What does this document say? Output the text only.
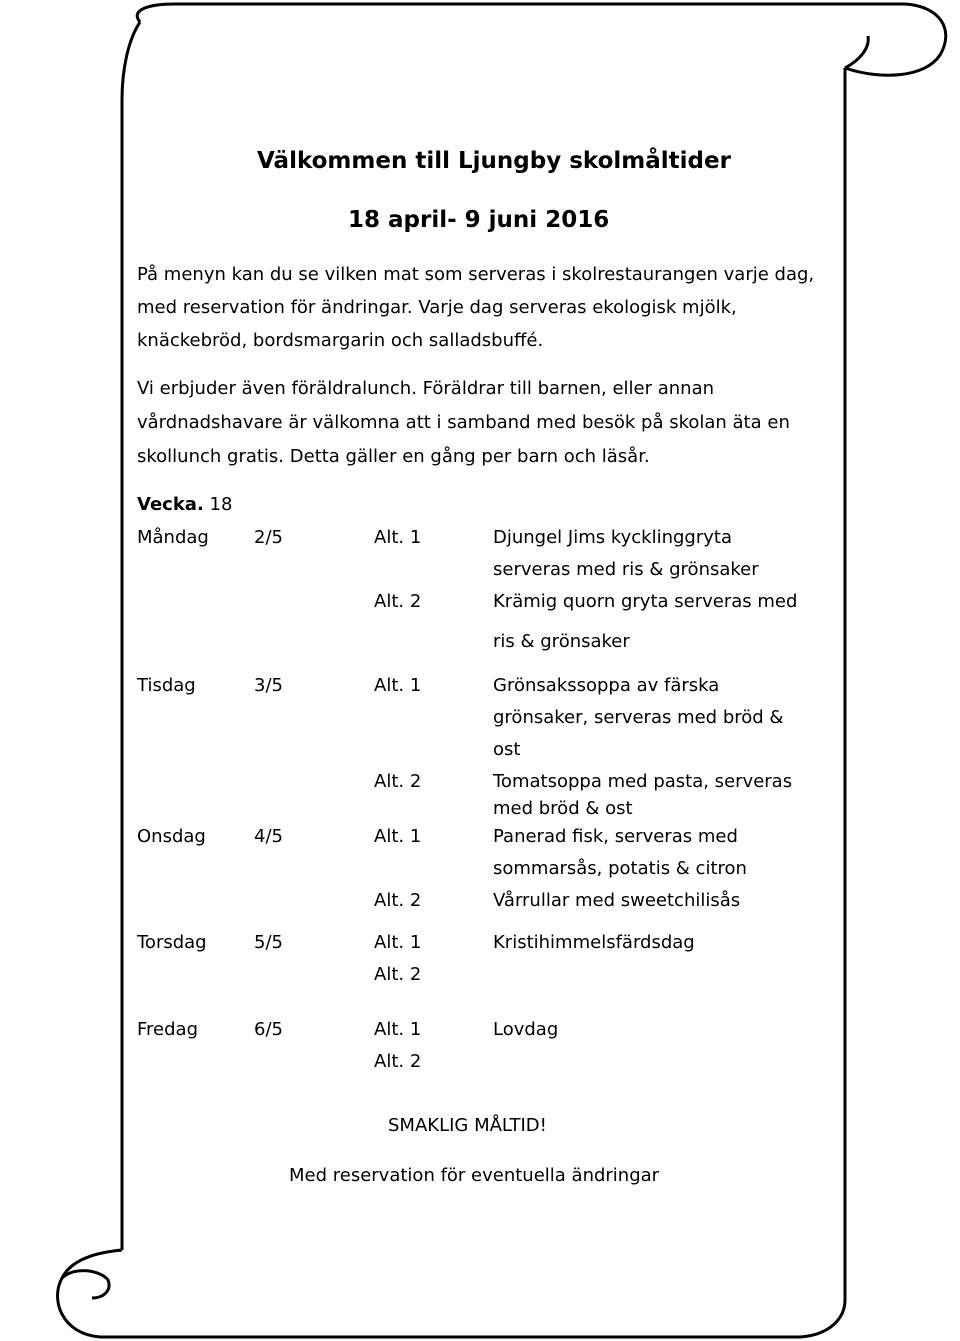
Välkommen till Ljungby skolmåltider
18 april- 9 juni 2016
På menyn kan du se vilken mat som serveras i skolrestaurangen varje dag,
med reservation för ändringar. Varje dag serveras ekologisk mjölk,
knäckebröd, bordsmargarin och salladsbuffé.
Vi erbjuder även föräldralunch. Föräldrar till barnen, eller annan
vårdnadshavare är välkomna att i samband med besök på skolan äta en
skollunch gratis. Detta gäller en gång per barn och läsår.
Vecka. 18
Måndag	2/5	Alt. 1	Djungel Jims kycklinggryta
serveras med ris & grönsaker
Alt. 2	Krämig quorn gryta serveras med
ris & grönsaker
Tisdag	3/5	Alt. 1	Grönsakssoppa av färska
grönsaker, serveras med bröd &
ost
Alt. 2	Tomatsoppa med pasta, serveras
med bröd & ost
Onsdag	4/5	Alt. 1	Panerad fisk, serveras med
sommarsås, potatis & citron
Alt. 2	Vårrullar med sweetchilisås
Torsdag	5/5	Alt. 1	Kristihimmelsfärdsdag
Alt. 2
Fredag	6/5	Alt. 1	Lovdag
Alt. 2
SMAKLIG MÅLTID!
Med reservation för eventuella ändringar
